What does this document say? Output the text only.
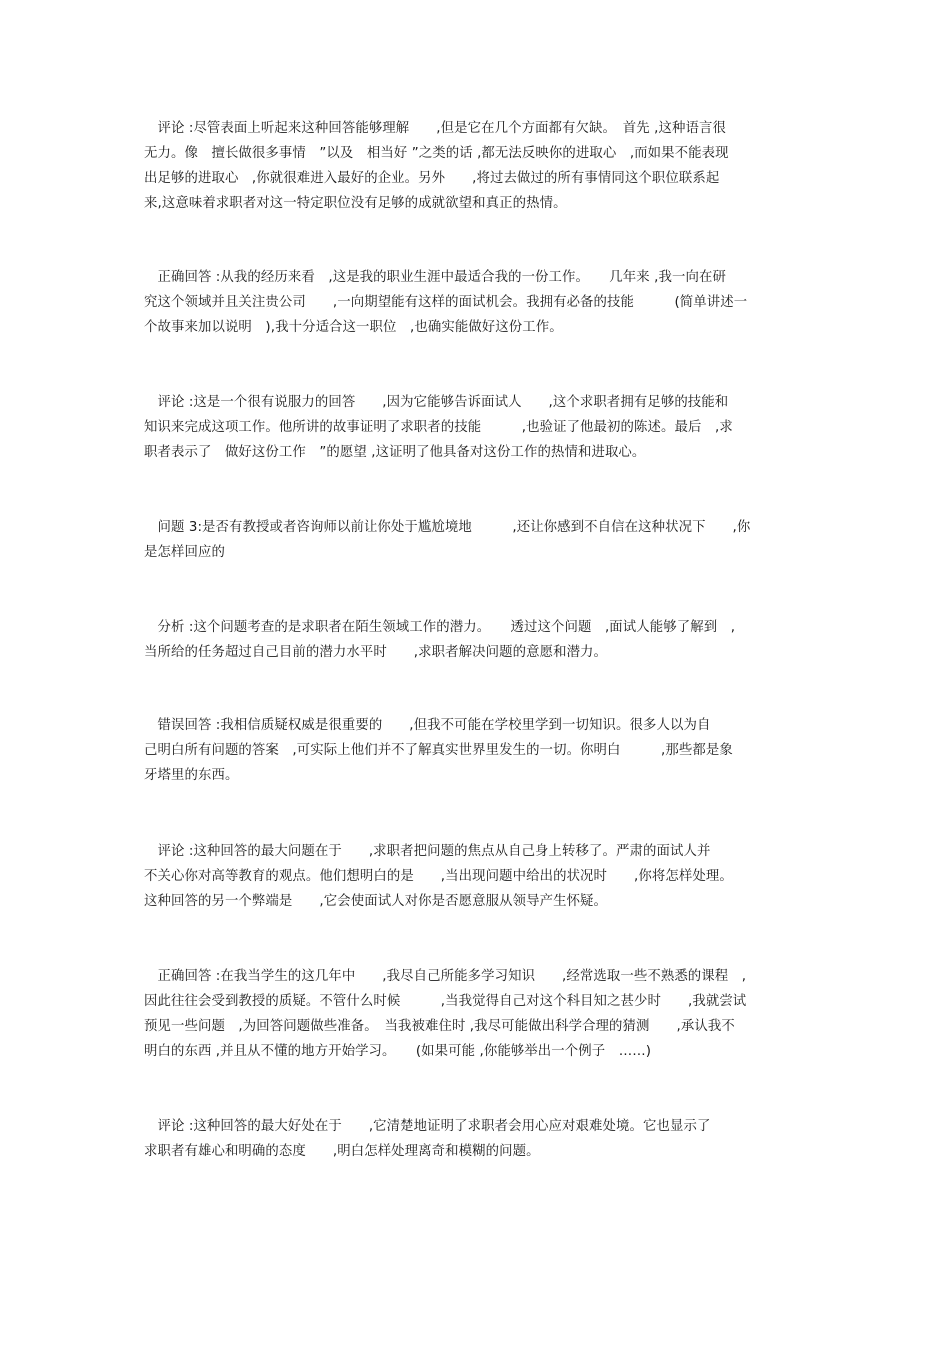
　评论 :尽管表面上听起来这种回答能够理解　　,但是它在几个方面都有欠缺。　首先 ,这种语言很
无力。像　擅长做很多事情　”以及　相当好 ”之类的话 ,都无法反映你的进取心　,而如果不能表现
出足够的进取心　,你就很难进入最好的企业。另外　　,将过去做过的所有事情同这个职位联系起
来,这意味着求职者对这一特定职位没有足够的成就欲望和真正的热情。
　正确回答 :从我的经历来看　,这是我的职业生涯中最适合我的一份工作。　　几年来 ,我一向在研
究这个领域并且关注贵公司　　,一向期望能有这样的面试机会。我拥有必备的技能　　　(简单讲述一
个故事来加以说明　),我十分适合这一职位　,也确实能做好这份工作。
　评论 :这是一个很有说服力的回答　　,因为它能够告诉面试人　　,这个求职者拥有足够的技能和
知识来完成这项工作。他所讲的故事证明了求职者的技能　　　,也验证了他最初的陈述。最后　,求
职者表示了　做好这份工作　”的愿望 ,这证明了他具备对这份工作的热情和进取心。
　问题 3:是否有教授或者咨询师以前让你处于尴尬境地　　　,还让你感到不自信在这种状况下　　,你
是怎样回应的
　分析 :这个问题考查的是求职者在陌生领域工作的潜力。　　透过这个问题　,面试人能够了解到　,
当所给的任务超过自己目前的潜力水平时　　,求职者解决问题的意愿和潜力。
　错误回答 :我相信质疑权威是很重要的　　,但我不可能在学校里学到一切知识。很多人以为自
己明白所有问题的答案　,可实际上他们并不了解真实世界里发生的一切。你明白　　　,那些都是象
牙塔里的东西。
　评论 :这种回答的最大问题在于　　,求职者把问题的焦点从自己身上转移了。严肃的面试人并
不关心你对高等教育的观点。他们想明白的是　　,当出现问题中给出的状况时　　,你将怎样处理。
这种回答的另一个弊端是　　,它会使面试人对你是否愿意服从领导产生怀疑。
　正确回答 :在我当学生的这几年中　　,我尽自己所能多学习知识　　,经常选取一些不熟悉的课程　,
因此往往会受到教授的质疑。不管什么时候　　　,当我觉得自己对这个科目知之甚少时　　,我就尝试
预见一些问题　,为回答问题做些准备。　当我被难住时 ,我尽可能做出科学合理的猜测　　,承认我不
明白的东西 ,并且从不懂的地方开始学习。　　(如果可能 ,你能够举出一个例子　……)
　评论 :这种回答的最大好处在于　　,它清楚地证明了求职者会用心应对艰难处境。它也显示了
求职者有雄心和明确的态度　　,明白怎样处理离奇和模糊的问题。
